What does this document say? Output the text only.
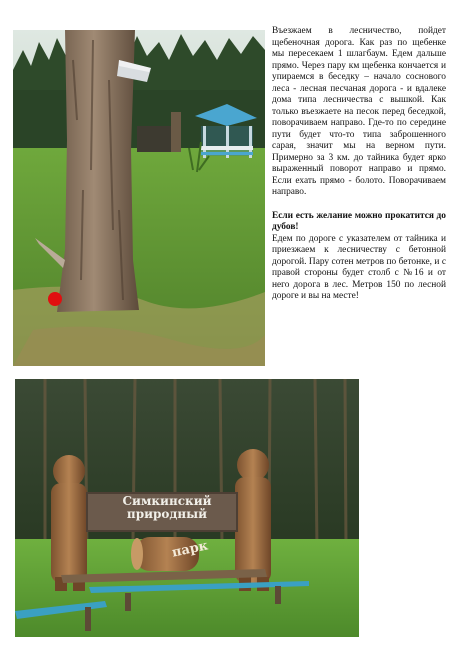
Въезжаем в лесничество, пойдет щебеночная дорога. Как раз по щебенке мы пересекаем 1 шлагбаум. Едем дальше прямо. Через пару км щебенка кончается и упираемся в беседку – начало соснового леса - лесная песчаная дорога - и вдалеке дома типа лесничества с вышкой. Как только въезжаете на песок перед беседкой, поворачиваем направо. Где-то по середине пути будет что-то типа заброшенного сарая, значит мы на верном пути. Примерно за 3 км. до тайника будет ярко выраженный поворот направо и прямо. Если ехать прямо - болото. Поворачиваем направо.

Если есть желание можно прокатится до дубов!

Едем по дороге с указателем от тайника и приезжаем к лесничеству с бетонной дорогой. Пару сотен метров по бетонке, и с правой стороны будет столб с №16 и от него дорога в лес. Метров 150 по лесной дороге и вы на месте!

Симкинский
природный
парк
